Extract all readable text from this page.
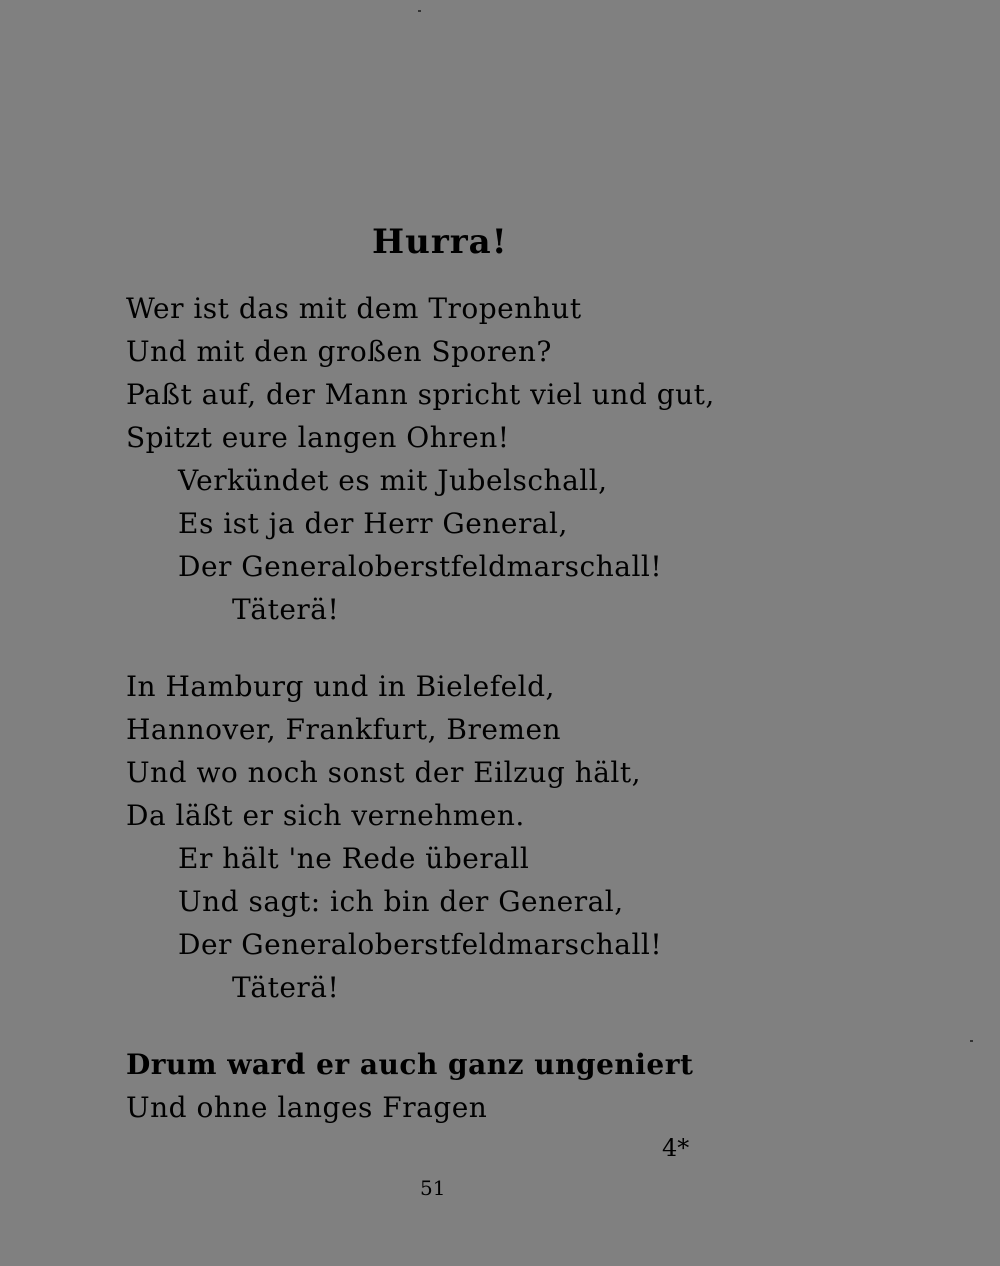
Hurra!
Wer ist das mit dem Tropenhut
Und mit den großen Sporen?
Paßt auf, der Mann spricht viel und gut,
Spitzt eure langen Ohren!
Verkündet es mit Jubelschall,
Es ist ja der Herr General,
Der Generaloberstfeldmarschall!
Täterä!
In Hamburg und in Bielefeld,
Hannover, Frankfurt, Bremen
Und wo noch sonst der Eilzug hält,
Da läßt er sich vernehmen.
Er hält 'ne Rede überall
Und sagt: ich bin der General,
Der Generaloberstfeldmarschall!
Täterä!
Drum ward er auch ganz ungeniert
Und ohne langes Fragen
4*
51
